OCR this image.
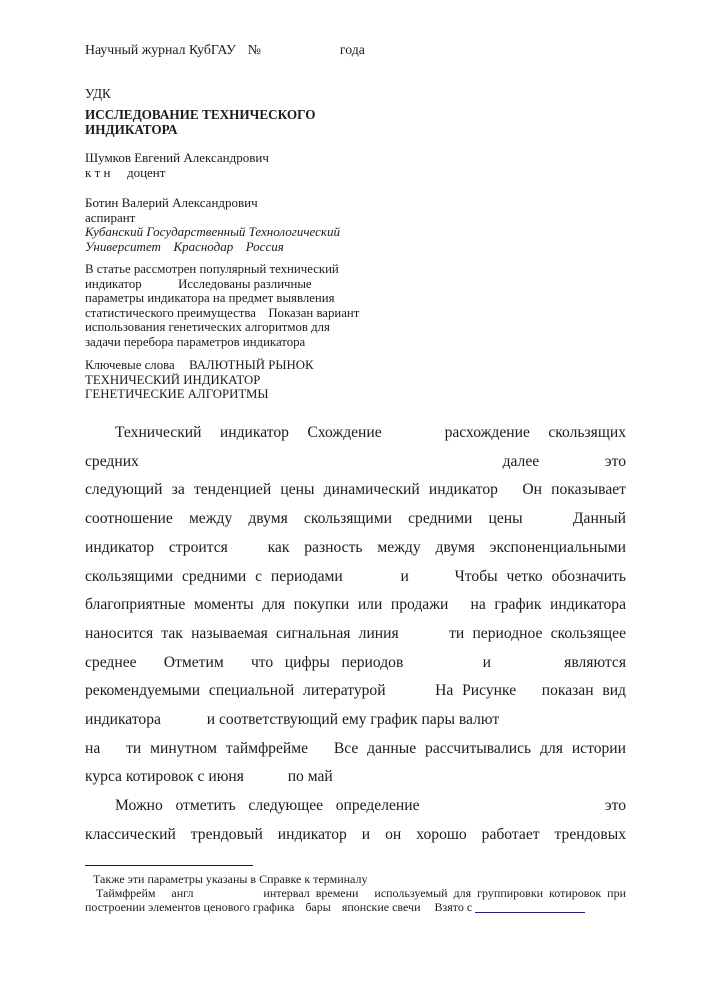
Научный журнал КубГАУ  №	года
УДК
ИССЛЕДОВАНИЕ ТЕХНИЧЕСКОГО
ИНДИКАТОРА
Шумков Евгений Александрович
к т н  доцент
Ботин Валерий Александрович
аспирант
Кубанский Государственный Технологический
Университет  Краснодар  Россия
В статье рассмотрен популярный технический
индикатор	Исследованы различные
параметры индикатора на предмет выявления
статистического преимущества  Показан вариант
использования генетических алгоритмов для
задачи перебора параметров индикатора
Ключевые слова  ВАЛЮТНЫЙ РЫНОК
ТЕХНИЧЕСКИЙ ИНДИКАТОР
ГЕНЕТИЧЕСКИЕ АЛГОРИТМЫ
Технический индикатор Схождение	расхождение скользящих
средних	далее	это
следующий за тенденцией цены динамический индикатор  Он показывает
соотношение между двумя скользящими средними цены  Данный
индикатор строится  как разность между двумя экспоненциальными
скользящими средними с периодами	и  Чтобы четко обозначить
благоприятные моменты для покупки или продажи  на график индикатора
наносится так называемая сигнальная линия	ти периодное скользящее
среднее  Отметим  что цифры периодов	и	являются
рекомендуемыми специальной литературой	На Рисунке  показан вид
индикатора	и соответствующий ему график пары валют
на  ти минутном таймфрейме  Все данные рассчитывались для истории
курса котировок с июня	по май
Можно отметить следующее определение	это
классический трендовый индикатор и он хорошо работает трендовых
Также эти параметры указаны в Справке к терминалу
Таймфрейм  англ	интервал времени  используемый для группировки котировок при
построении элементов ценового графика  бары  японские свечи  Взято с
